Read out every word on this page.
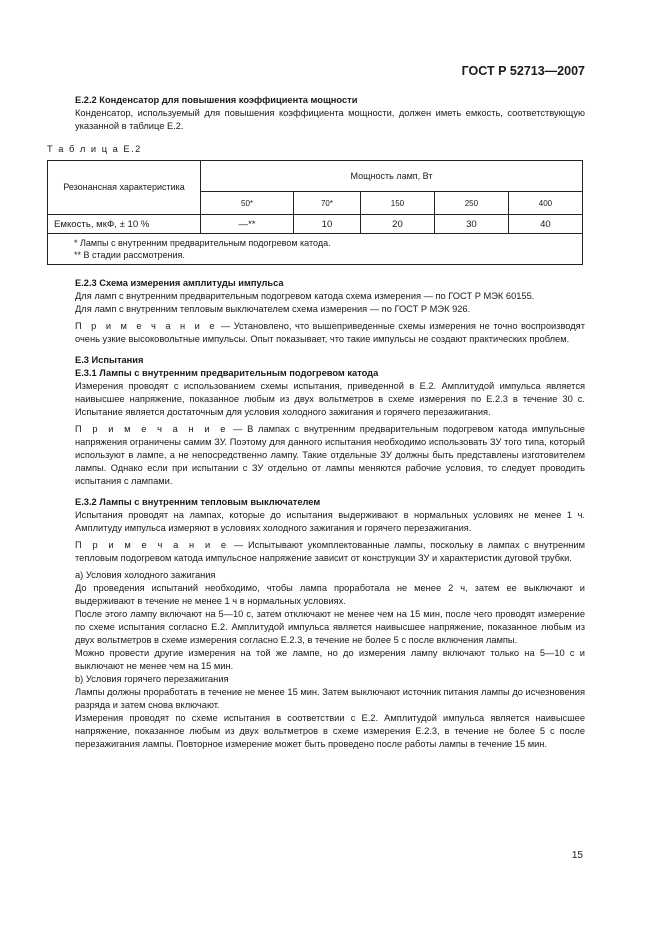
ГОСТ Р 52713—2007

Е.2.2 Конденсатор для повышения коэффициента мощности

Конденсатор, используемый для повышения коэффициента мощности, должен иметь емкость, соответствующую указанной в таблице Е.2.

Т а б л и ц а Е.2
Резонансная характеристика	Мощность ламп, Вт				
	50*	70*	150	250	400
Емкость, мкФ, ± 10 %	—**	10	20	30	40

* Лампы с внутренним предварительным подогревом катода.
** В стадии рассмотрения.					

Е.2.3 Схема измерения амплитуды импульса

Для ламп с внутренним предварительным подогревом катода схема измерения — по ГОСТ Р МЭК 60155.

Для ламп с внутренним тепловым выключателем схема измерения — по ГОСТ Р МЭК 926.

П р и м е ч а н и е — Установлено, что вышеприведенные схемы измерения не точно воспроизводят очень узкие высоковольтные импульсы. Опыт показывает, что такие импульсы не создают практических проблем.

Е.3 Испытания

Е.3.1 Лампы с внутренним предварительным подогревом катода

Измерения проводят с использованием схемы испытания, приведенной в Е.2. Амплитудой импульса является наивысшее напряжение, показанное любым из двух вольтметров в схеме измерения по Е.2.3 в течение 30 с. Испытание является достаточным для условия холодного зажигания и горячего перезажигания.

П р и м е ч а н и е — В лампах с внутренним предварительным подогревом катода импульсные напряжения ограничены самим ЗУ. Поэтому для данного испытания необходимо использовать ЗУ того типа, который используют в лампе, а не непосредственно лампу. Такие отдельные ЗУ должны быть представлены изготовителем лампы. Однако если при испытании с ЗУ отдельно от лампы меняются рабочие условия, то следует проводить испытания с лампами.

Е.3.2 Лампы с внутренним тепловым выключателем

Испытания проводят на лампах, которые до испытания выдерживают в нормальных условиях не менее 1 ч. Амплитуду импульса измеряют в условиях холодного зажигания и горячего перезажигания.

П р и м е ч а н и е — Испытывают укомплектованные лампы, поскольку в лампах с внутренним тепловым подогревом катода импульсное напряжение зависит от конструкции ЗУ и характеристик дуговой трубки.

а) Условия холодного зажигания

До проведения испытаний необходимо, чтобы лампа проработала не менее 2 ч, затем ее выключают и выдерживают в течение не менее 1 ч в нормальных условиях.

После этого лампу включают на 5—10 с, затем отключают не менее чем на 15 мин, после чего проводят измерение по схеме испытания согласно Е.2. Амплитудой импульса является наивысшее напряжение, показанное любым из двух вольтметров в схеме измерения согласно Е.2.3, в течение не более 5 с после включения лампы.

Можно провести другие измерения на той же лампе, но до измерения лампу включают только на 5—10 с и выключают не менее чем на 15 мин.

b) Условия горячего перезажигания

Лампы должны проработать в течение не менее 15 мин. Затем выключают источник питания лампы до исчезновения разряда и затем снова включают.

Измерения проводят по схеме испытания в соответствии с Е.2. Амплитудой импульса является наивысшее напряжение, показанное любым из двух вольтметров в схеме измерения Е.2.3, в течение не более 5 с после перезажигания лампы. Повторное измерение может быть проведено после работы лампы в течение 15 мин.

15
